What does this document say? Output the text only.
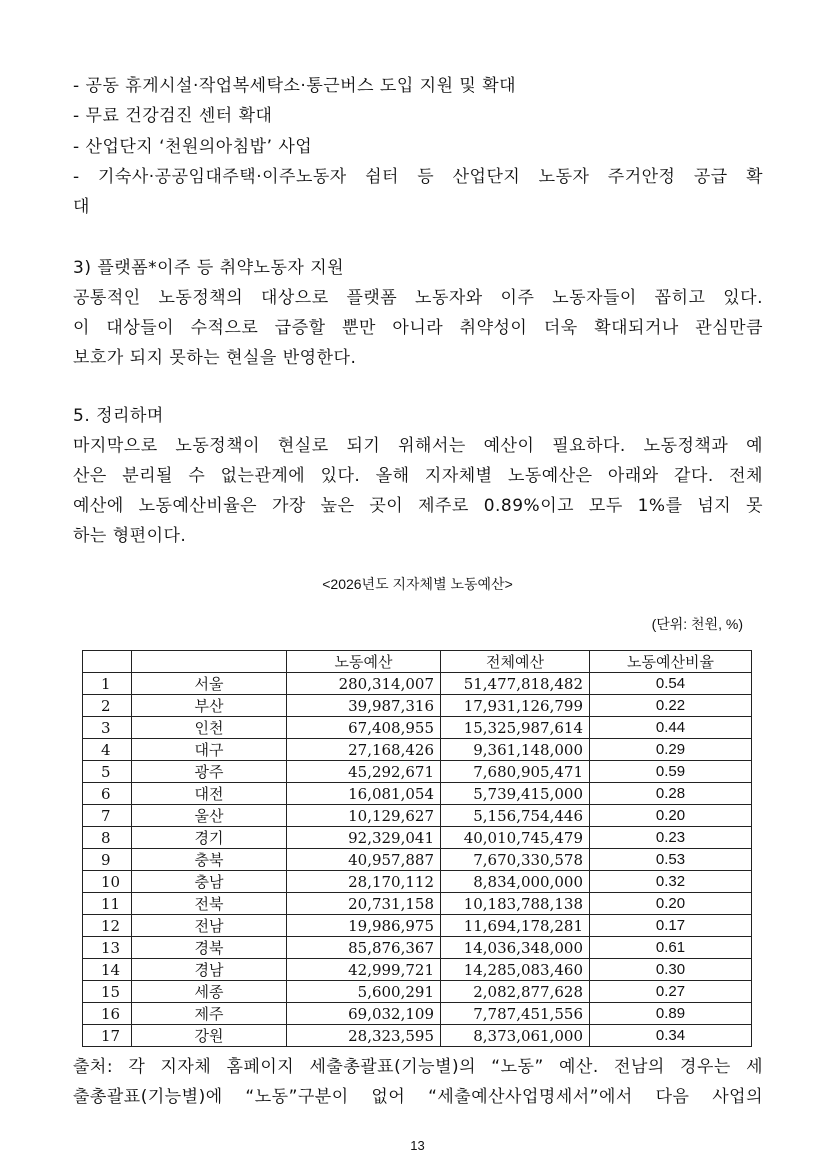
- 공동 휴게시설·작업복세탁소·통근버스 도입 지원 및 확대
- 무료 건강검진 센터 확대
- 산업단지 ‘천원의아침밥’ 사업
- 기숙사·공공임대주택·이주노동자 쉼터 등 산업단지 노동자 주거안정 공급 확
대
3) 플랫폼*이주 등 취약노동자 지원
공통적인 노동정책의 대상으로 플랫폼 노동자와 이주 노동자들이 꼽히고 있다.
이 대상들이 수적으로 급증할 뿐만 아니라 취약성이 더욱 확대되거나 관심만큼
보호가 되지 못하는 현실을 반영한다.
5. 정리하며
마지막으로 노동정책이 현실로 되기 위해서는 예산이 필요하다. 노동정책과 예
산은 분리될 수 없는관계에 있다. 올해 지자체별 노동예산은 아래와 같다. 전체
예산에 노동예산비율은 가장 높은 곳이 제주로 0.89%이고 모두 1%를 넘지 못
하는 형편이다.
<2026년도 지자체별 노동예산>
(단위: 천원, %)
		노동예산	전체예산	노동예산비율
1	서울	280,314,007	51,477,818,482	0.54
2	부산	39,987,316	17,931,126,799	0.22
3	인천	67,408,955	15,325,987,614	0.44
4	대구	27,168,426	9,361,148,000	0.29
5	광주	45,292,671	7,680,905,471	0.59
6	대전	16,081,054	5,739,415,000	0.28
7	울산	10,129,627	5,156,754,446	0.20
8	경기	92,329,041	40,010,745,479	0.23
9	충북	40,957,887	7,670,330,578	0.53
10	충남	28,170,112	8,834,000,000	0.32
11	전북	20,731,158	10,183,788,138	0.20
12	전남	19,986,975	11,694,178,281	0.17
13	경북	85,876,367	14,036,348,000	0.61
14	경남	42,999,721	14,285,083,460	0.30
15	세종	5,600,291	2,082,877,628	0.27
16	제주	69,032,109	7,787,451,556	0.89
17	강원	28,323,595	8,373,061,000	0.34
출처: 각 지자체 홈페이지 세출총괄표(기능별)의 “노동” 예산. 전남의 경우는 세
출총괄표(기능별)에 “노동”구분이 없어 “세출예산사업명세서”에서 다음 사업의
13
